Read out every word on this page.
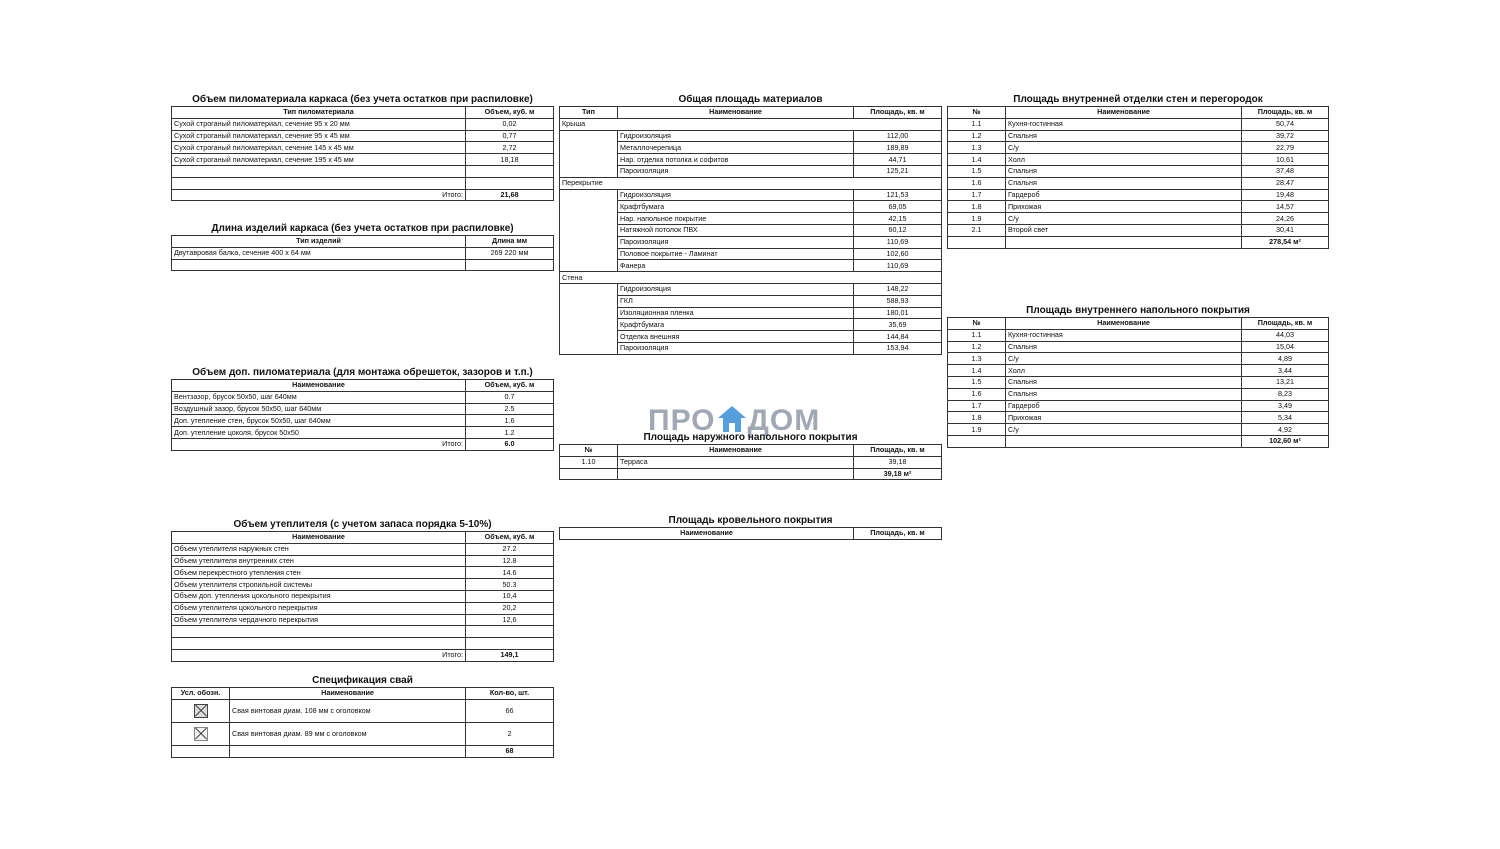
Объем пиломатериала каркаса (без учета остатков при распиловке)
Тип пиломатериала	Объем, куб. м
Сухой строганый пиломатериал, сечение 95 х 20 мм	0,02
Сухой строганый пиломатериал, сечение 95 х 45 мм	0,77
Сухой строганый пиломатериал, сечение 145 х 45 мм	2,72
Сухой строганый пиломатериал, сечение 195 х 45 мм	18,18

Итого:	21,68
Длина изделий каркаса (без учета остатков при распиловке)
Тип изделий	Длина мм
Двутавровая балка, сечение 400 х 64 мм	269 220 мм

Объем доп. пиломатериала (для монтажа обрешеток, зазоров и т.п.)
Наименование	Объем, куб. м
Вентзазор, брусок 50х50, шаг 640мм	0.7
Воздушный зазор, брусок 50х50, шаг 640мм	2.5
Доп. утепление стен, брусок 50х50, шаг 640мм	1.6
Доп. утепление цоколя, брусок 50х50	1.2
Итого:	6.0
Объем утеплителя (с учетом запаса порядка 5-10%)
Наименование	Объем, куб. м
Объем утеплителя наружных стен	27.2
Объем утеплителя внутренних стен	12.8
Объем перекрестного утепления стен	14.6
Объем утеплителя стропильной системы	50.3
Объем доп. утепления цокольного перекрытия	10,4
Объем утеплителя цокольного перекрытия	20,2
Объем утеплителя чердачного перекрытия	12,6

Итого:	149,1
Спецификация свай
Усл. обозн.	Наименование	Кол-во, шт.
	Свая винтовая диам. 108 мм с оголовком	66
	Свая винтовая диам. 89 мм с оголовком	2
		68
Общая площадь материалов
Тип	Наименование	Площадь, кв. м
Крыша		
	Гидроизоляция	112,00
	Металлочерепица	189,89
	Нар. отделка потолка и софитов	44,71
	Пароизоляция	125,21
Перекрытие		
	Гидроизоляция	121,53
	Крафтбумага	69,05
	Нар. напольное покрытие	42,15
	Натяжной потолок ПВХ	60,12
	Пароизоляция	110,69
	Половое покрытие - Ламинат	102,60
	Фанера	110,69
Стена		
	Гидроизоляция	148,22
	ГКЛ	588,93
	Изоляционная пленка	180,01
	Крафтбумага	35,69
	Отделка внешняя	144,84
	Пароизоляция	153,94
ПРО ДОМ
Площадь наружного напольного покрытия
№	Наименование	Площадь, кв. м
1.10	Терраса	39,18
		39,18 м²
Площадь кровельного покрытия
Наименование	Площадь, кв. м
Площадь внутренней отделки стен и перегородок
№	Наименование	Площадь, кв. м
1.1	Кухня-гостинная	50,74
1.2	Спальня	39,72
1.3	С/у	22,79
1.4	Холл	10,61
1.5	Спальня	37,48
1.6	Спальня	28,47
1.7	Гардероб	19,48
1.8	Прихожая	14,57
1.9	С/у	24,26
2.1	Второй свет	30,41
		278,54 м²
Площадь внутреннего напольного покрытия
№	Наименование	Площадь, кв. м
1.1	Кухня-гостинная	44,03
1.2	Спальня	15,04
1.3	С/у	4,89
1.4	Холл	3,44
1.5	Спальня	13,21
1.6	Спальня	8,23
1.7	Гардероб	3,49
1.8	Прихожая	5,34
1.9	С/у	4,92
		102,60 м²
